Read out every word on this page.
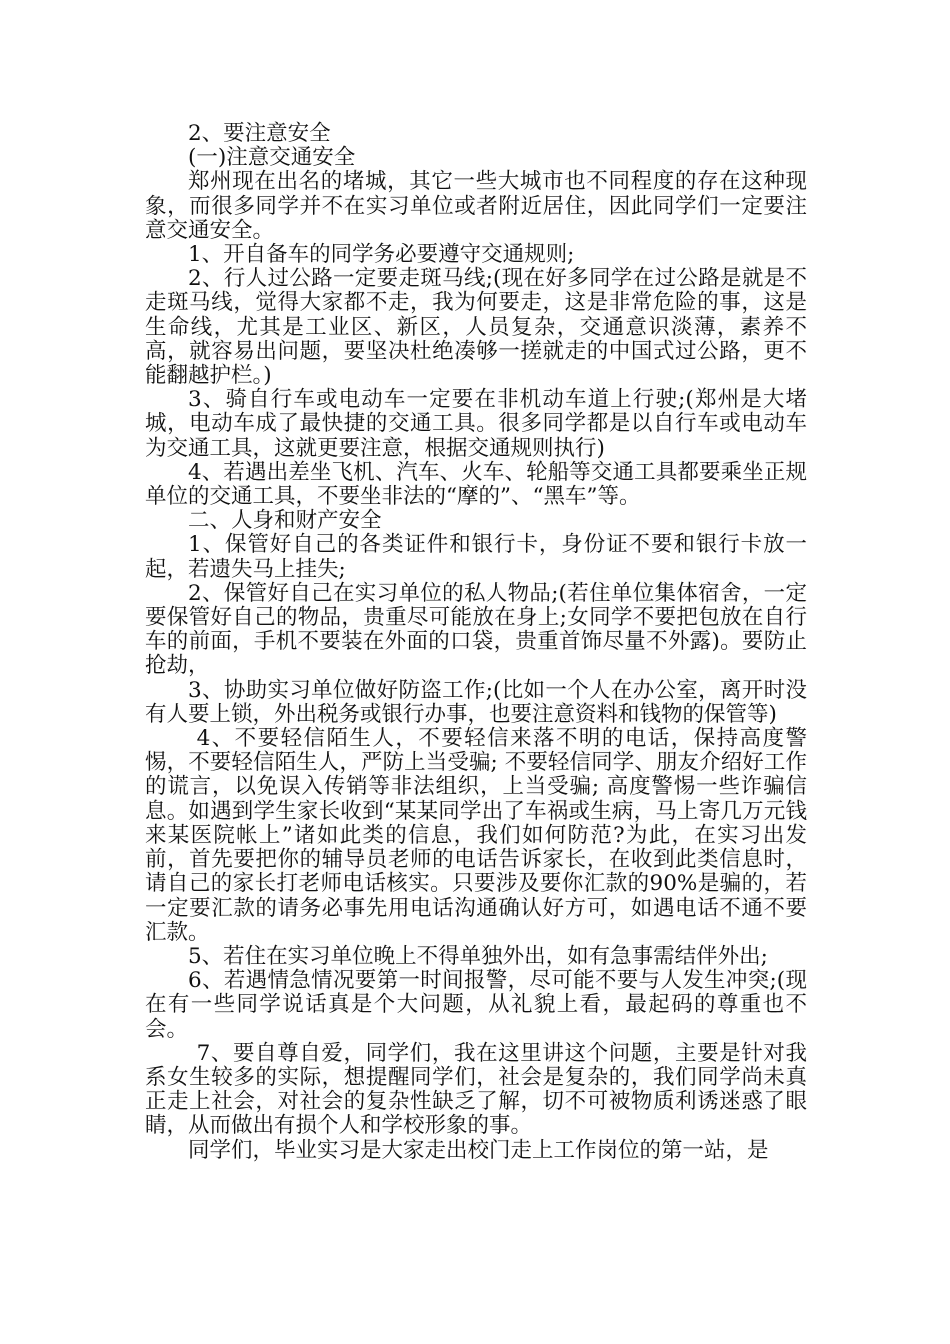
2、要注意安全

(一)注意交通安全

郑州现在出名的堵城，其它一些大城市也不同程度的存在这种现象，而很多同学并不在实习单位或者附近居住，因此同学们一定要注意交通安全。

1、开自备车的同学务必要遵守交通规则;

2、行人过公路一定要走斑马线;(现在好多同学在过公路是就是不走斑马线，觉得大家都不走，我为何要走，这是非常危险的事，这是生命线，尤其是工业区、新区，人员复杂，交通意识淡薄，素养不高，就容易出问题，要坚决杜绝凑够一搓就走的中国式过公路，更不能翻越护栏。)

3、骑自行车或电动车一定要在非机动车道上行驶;(郑州是大堵城，电动车成了最快捷的交通工具。很多同学都是以自行车或电动车为交通工具，这就更要注意，根据交通规则执行)

4、若遇出差坐飞机、汽车、火车、轮船等交通工具都要乘坐正规单位的交通工具，不要坐非法的“摩的”、“黑车”等。

二、人身和财产安全

1、保管好自己的各类证件和银行卡，身份证不要和银行卡放一起，若遗失马上挂失;

2、保管好自己在实习单位的私人物品;(若住单位集体宿舍，一定要保管好自己的物品，贵重尽可能放在身上;女同学不要把包放在自行车的前面，手机不要装在外面的口袋，贵重首饰尽量不外露)。要防止抢劫，

3、协助实习单位做好防盗工作;(比如一个人在办公室，离开时没有人要上锁，外出税务或银行办事，也要注意资料和钱物的保管等)

4、不要轻信陌生人，不要轻信来落不明的电话，保持高度警惕，不要轻信陌生人，严防上当受骗; 不要轻信同学、朋友介绍好工作的谎言，以免误入传销等非法组织，上当受骗; 高度警惕一些诈骗信息。如遇到学生家长收到“某某同学出了车祸或生病，马上寄几万元钱来某医院帐上”诸如此类的信息，我们如何防范?为此，在实习出发前，首先要把你的辅导员老师的电话告诉家长，在收到此类信息时，请自己的家长打老师电话核实。只要涉及要你汇款的90%是骗的，若一定要汇款的请务必事先用电话沟通确认好方可，如遇电话不通不要汇款。

5、若住在实习单位晚上不得单独外出，如有急事需结伴外出;

6、若遇情急情况要第一时间报警，尽可能不要与人发生冲突;(现在有一些同学说话真是个大问题，从礼貌上看，最起码的尊重也不会。

7、要自尊自爱，同学们，我在这里讲这个问题，主要是针对我系女生较多的实际，想提醒同学们，社会是复杂的，我们同学尚未真正走上社会，对社会的复杂性缺乏了解，切不可被物质利诱迷惑了眼睛，从而做出有损个人和学校形象的事。

同学们，毕业实习是大家走出校门走上工作岗位的第一站，是
